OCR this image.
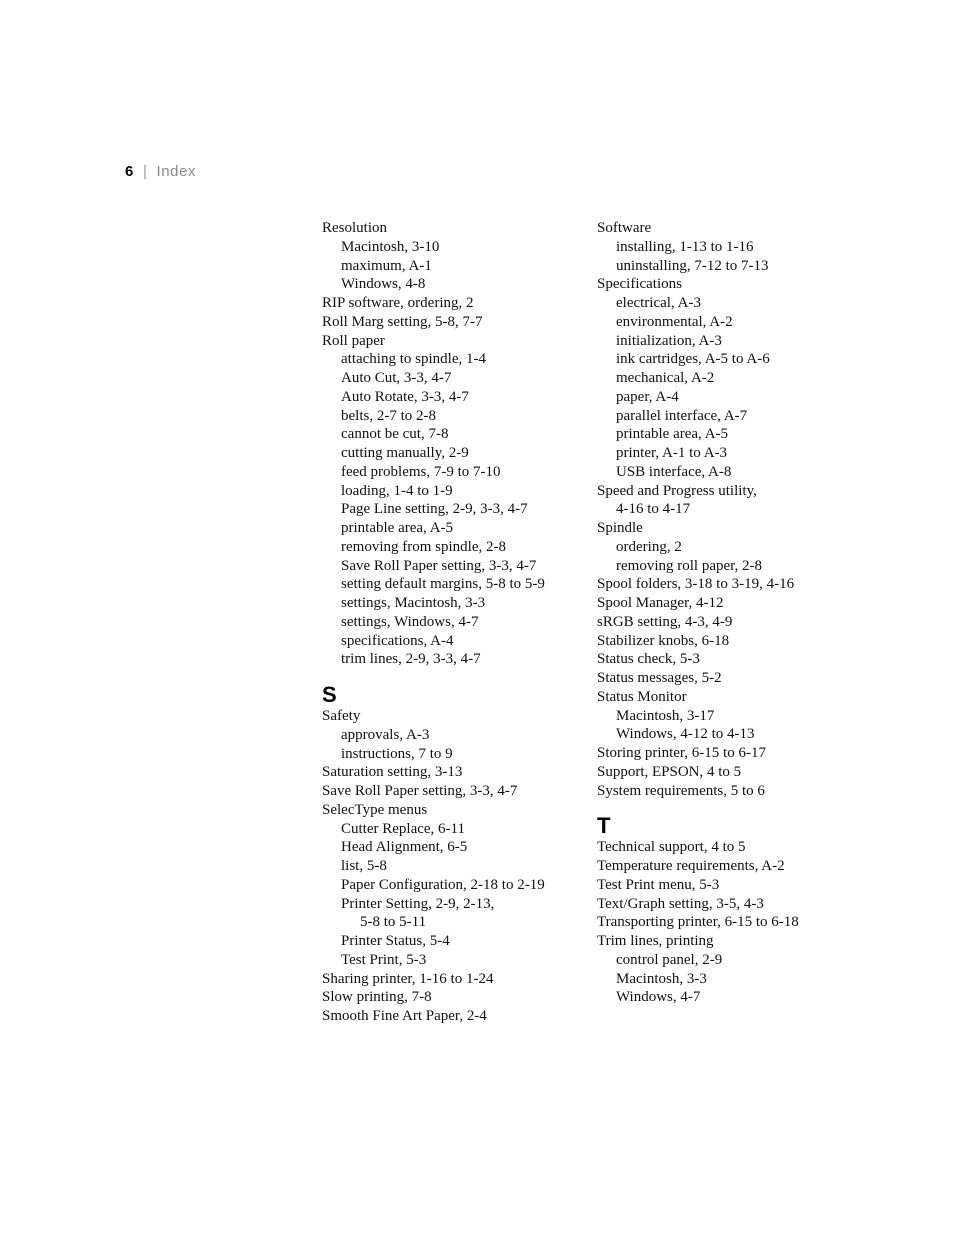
6 | Index
Resolution
Macintosh, 3-10
maximum, A-1
Windows, 4-8
RIP software, ordering, 2
Roll Marg setting, 5-8, 7-7
Roll paper
attaching to spindle, 1-4
Auto Cut, 3-3, 4-7
Auto Rotate, 3-3, 4-7
belts, 2-7 to 2-8
cannot be cut, 7-8
cutting manually, 2-9
feed problems, 7-9 to 7-10
loading, 1-4 to 1-9
Page Line setting, 2-9, 3-3, 4-7
printable area, A-5
removing from spindle, 2-8
Save Roll Paper setting, 3-3, 4-7
setting default margins, 5-8 to 5-9
settings, Macintosh, 3-3
settings, Windows, 4-7
specifications, A-4
trim lines, 2-9, 3-3, 4-7
S
Safety
approvals, A-3
instructions, 7 to 9
Saturation setting, 3-13
Save Roll Paper setting, 3-3, 4-7
SelecType menus
Cutter Replace, 6-11
Head Alignment, 6-5
list, 5-8
Paper Configuration, 2-18 to 2-19
Printer Setting, 2-9, 2-13,
5-8 to 5-11
Printer Status, 5-4
Test Print, 5-3
Sharing printer, 1-16 to 1-24
Slow printing, 7-8
Smooth Fine Art Paper, 2-4
Software
installing, 1-13 to 1-16
uninstalling, 7-12 to 7-13
Specifications
electrical, A-3
environmental, A-2
initialization, A-3
ink cartridges, A-5 to A-6
mechanical, A-2
paper, A-4
parallel interface, A-7
printable area, A-5
printer, A-1 to A-3
USB interface, A-8
Speed and Progress utility,
4-16 to 4-17
Spindle
ordering, 2
removing roll paper, 2-8
Spool folders, 3-18 to 3-19, 4-16
Spool Manager, 4-12
sRGB setting, 4-3, 4-9
Stabilizer knobs, 6-18
Status check, 5-3
Status messages, 5-2
Status Monitor
Macintosh, 3-17
Windows, 4-12 to 4-13
Storing printer, 6-15 to 6-17
Support, EPSON, 4 to 5
System requirements, 5 to 6
T
Technical support, 4 to 5
Temperature requirements, A-2
Test Print menu, 5-3
Text/Graph setting, 3-5, 4-3
Transporting printer, 6-15 to 6-18
Trim lines, printing
control panel, 2-9
Macintosh, 3-3
Windows, 4-7
